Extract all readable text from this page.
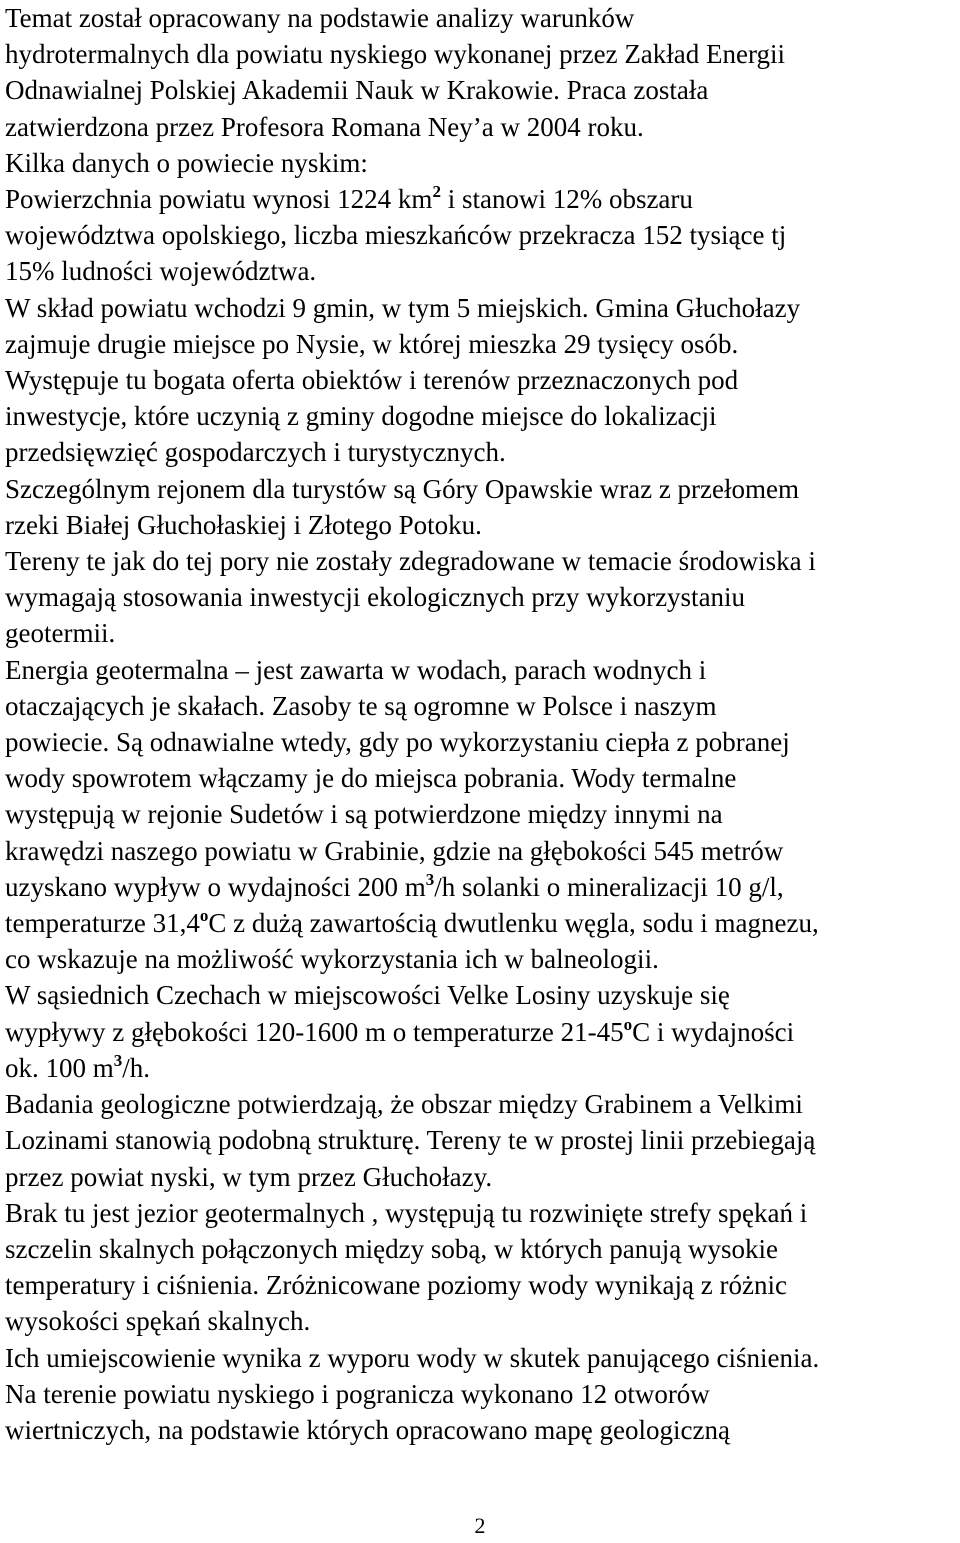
Temat został opracowany na podstawie analizy warunków
hydrotermalnych dla powiatu nyskiego wykonanej przez Zakład Energii
Odnawialnej Polskiej Akademii Nauk w Krakowie. Praca została
zatwierdzona przez Profesora Romana Ney’a w 2004 roku.
Kilka danych o powiecie nyskim:
Powierzchnia powiatu wynosi 1224 $km^2$ i stanowi 12% obszaru
województwa opolskiego, liczba mieszkańców przekracza 152 tysiące tj
15% ludności województwa.
W skład powiatu wchodzi 9 gmin, w tym 5 miejskich. Gmina Głuchołazy
zajmuje drugie miejsce po Nysie, w której mieszka 29 tysięcy osób.
Występuje tu bogata oferta obiektów i terenów przeznaczonych pod
inwestycje, które uczynią z gminy dogodne miejsce do lokalizacji
przedsięwzięć gospodarczych i turystycznych.
Szczególnym rejonem dla turystów są Góry Opawskie wraz z przełomem
rzeki Białej Głuchołaskiej i Złotego Potoku.
Tereny te jak do tej pory nie zostały zdegradowane w temacie środowiska i
wymagają stosowania inwestycji ekologicznych przy wykorzystaniu
geotermii.
Energia geotermalna – jest zawarta w wodach, parach wodnych i
otaczających je skałach. Zasoby te są ogromne w Polsce i naszym
powiecie. Są odnawialne wtedy, gdy po wykorzystaniu ciepła z pobranej
wody spowrotem włączamy je do miejsca pobrania. Wody termalne
występują w rejonie Sudetów i są potwierdzone między innymi na
krawędzi naszego powiatu w Grabinie, gdzie na głębokości 545 metrów
uzyskano wypływ o wydajności 200 $m^3/h$ solanki o mineralizacji 10 g/l,
temperaturze 31,4$^o$C z dużą zawartością dwutlenku węgla, sodu i magnezu,
co wskazuje na możliwość wykorzystania ich w balneologii.
W sąsiednich Czechach w miejscowości Velke Losiny uzyskuje się
wypływy z głębokości 120-1600 m o temperaturze 21-45$^o$C i wydajności
ok. 100 $m^3/h$.
Badania geologiczne potwierdzają, że obszar między Grabinem a Velkimi
Lozinami stanowią podobną strukturę. Tereny te w prostej linii przebiegają
przez powiat nyski, w tym przez Głuchołazy.
Brak tu jest jezior geotermalnych , występują tu rozwinięte strefy spękań i
szczelin skalnych połączonych między sobą, w których panują wysokie
temperatury i ciśnienia. Zróżnicowane poziomy wody wynikają z różnic
wysokości spękań skalnych.
Ich umiejscowienie wynika z wyporu wody w skutek panującego ciśnienia.
Na terenie powiatu nyskiego i pogranicza wykonano 12 otworów
wiertniczych, na podstawie których opracowano mapę geologiczną
2
